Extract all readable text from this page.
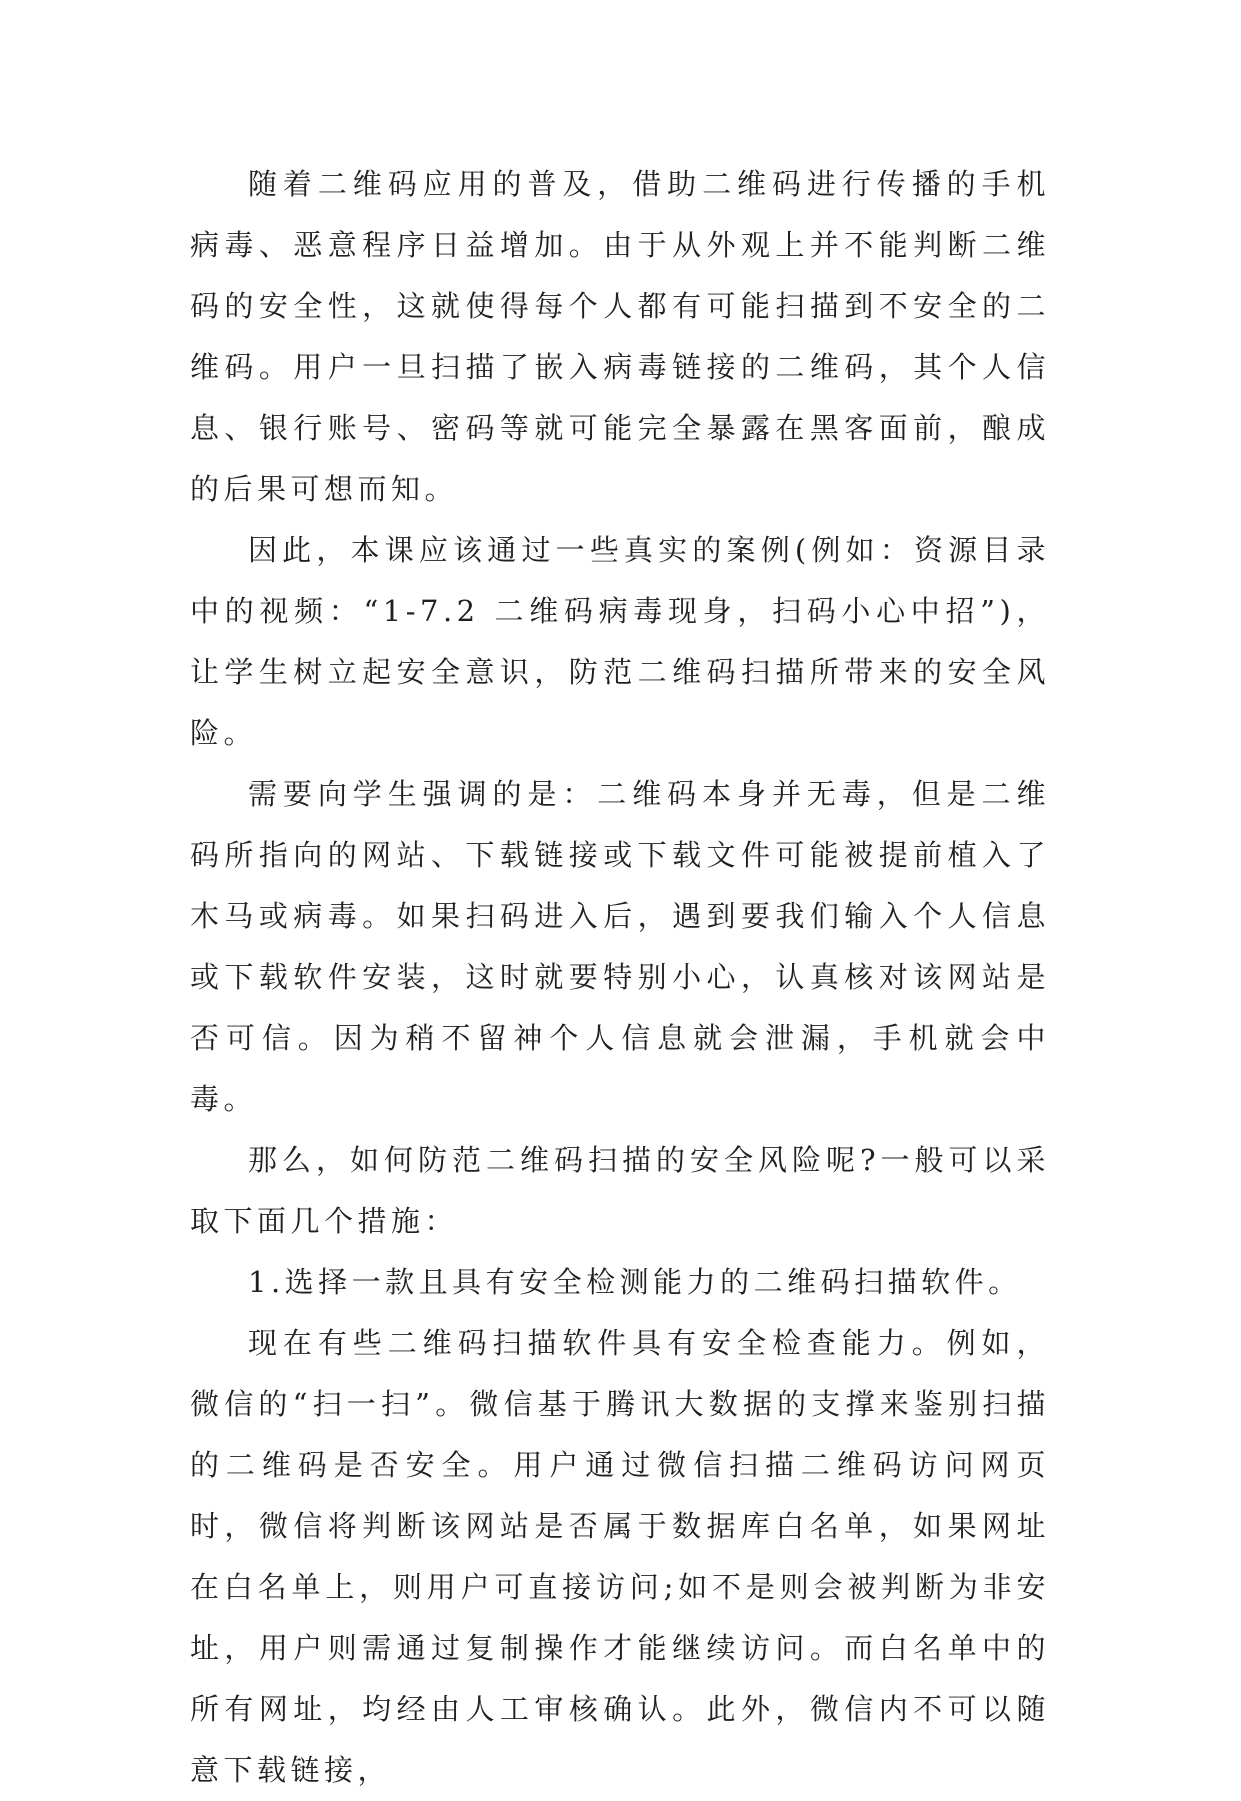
随着二维码应用的普及，借助二维码进行传播的手机病毒、恶意程序日益增加。由于从外观上并不能判断二维码的安全性，这就使得每个人都有可能扫描到不安全的二维码。用户一旦扫描了嵌入病毒链接的二维码，其个人信息、银行账号、密码等就可能完全暴露在黑客面前，酿成的后果可想而知。

因此，本课应该通过一些真实的案例(例如：资源目录中的视频：“1-7.2 二维码病毒现身，扫码小心中招”)，让学生树立起安全意识，防范二维码扫描所带来的安全风险。

需要向学生强调的是：二维码本身并无毒，但是二维码所指向的网站、下载链接或下载文件可能被提前植入了木马或病毒。如果扫码进入后，遇到要我们输入个人信息或下载软件安装，这时就要特别小心，认真核对该网站是否可信。因为稍不留神个人信息就会泄漏，手机就会中毒。

那么，如何防范二维码扫描的安全风险呢?一般可以采取下面几个措施：

1.选择一款且具有安全检测能力的二维码扫描软件。

现在有些二维码扫描软件具有安全检查能力。例如，微信的“扫一扫”。微信基于腾讯大数据的支撑来鉴别扫描的二维码是否安全。用户通过微信扫描二维码访问网页时，微信将判断该网站是否属于数据库白名单，如果网址在白名单上，则用户可直接访问;如不是则会被判断为非安址，用户则需通过复制操作才能继续访问。而白名单中的所有网址，均经由人工审核确认。此外，微信内不可以随意下载链接，
